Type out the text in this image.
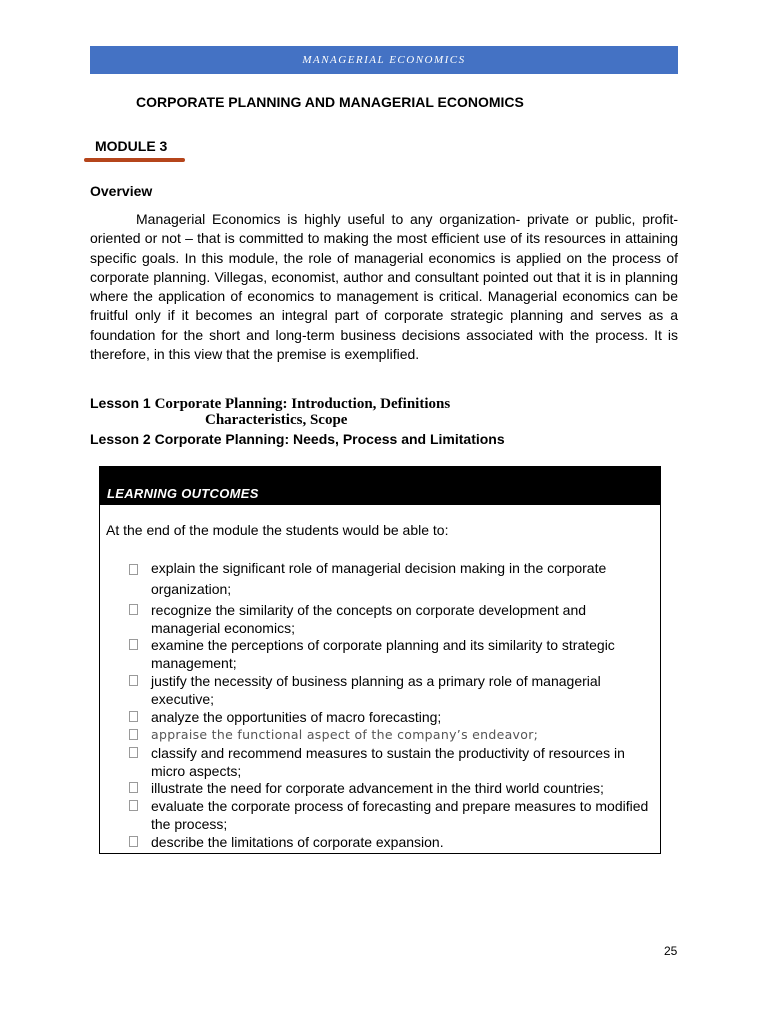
MANAGERIAL ECONOMICS
CORPORATE PLANNING AND MANAGERIAL ECONOMICS
MODULE 3
Overview

Managerial Economics is highly useful to any organization- private or public, profit-oriented or not – that is committed to making the most efficient use of its resources in attaining specific goals. In this module, the role of managerial economics is applied on the process of corporate planning. Villegas, economist, author and consultant pointed out that it is in planning where the application of economics to management is critical. Managerial economics can be fruitful only if it becomes an integral part of corporate strategic planning and serves as a foundation for the short and long-term business decisions associated with the process. It is therefore, in this view that the premise is exemplified.

Lesson 1 Corporate Planning: Introduction, Definitions
Characteristics, Scope
Lesson 2 Corporate Planning: Needs, Process and Limitations
LEARNING OUTCOMES
At the end of the module the students would be able to:
explain the significant role of managerial decision making in the corporate organization;
recognize the similarity of the concepts on corporate development and managerial economics;
examine the perceptions of corporate planning and its similarity to strategic management;
justify the necessity of business planning as a primary role of managerial executive;
analyze the opportunities of macro forecasting;
appraise the functional aspect of the company’s endeavor;
classify and recommend measures to sustain the productivity of resources in micro aspects;
illustrate the need for corporate advancement in the third world countries;
evaluate the corporate process of forecasting and prepare measures to modified the process;
describe the limitations of corporate expansion.
25
